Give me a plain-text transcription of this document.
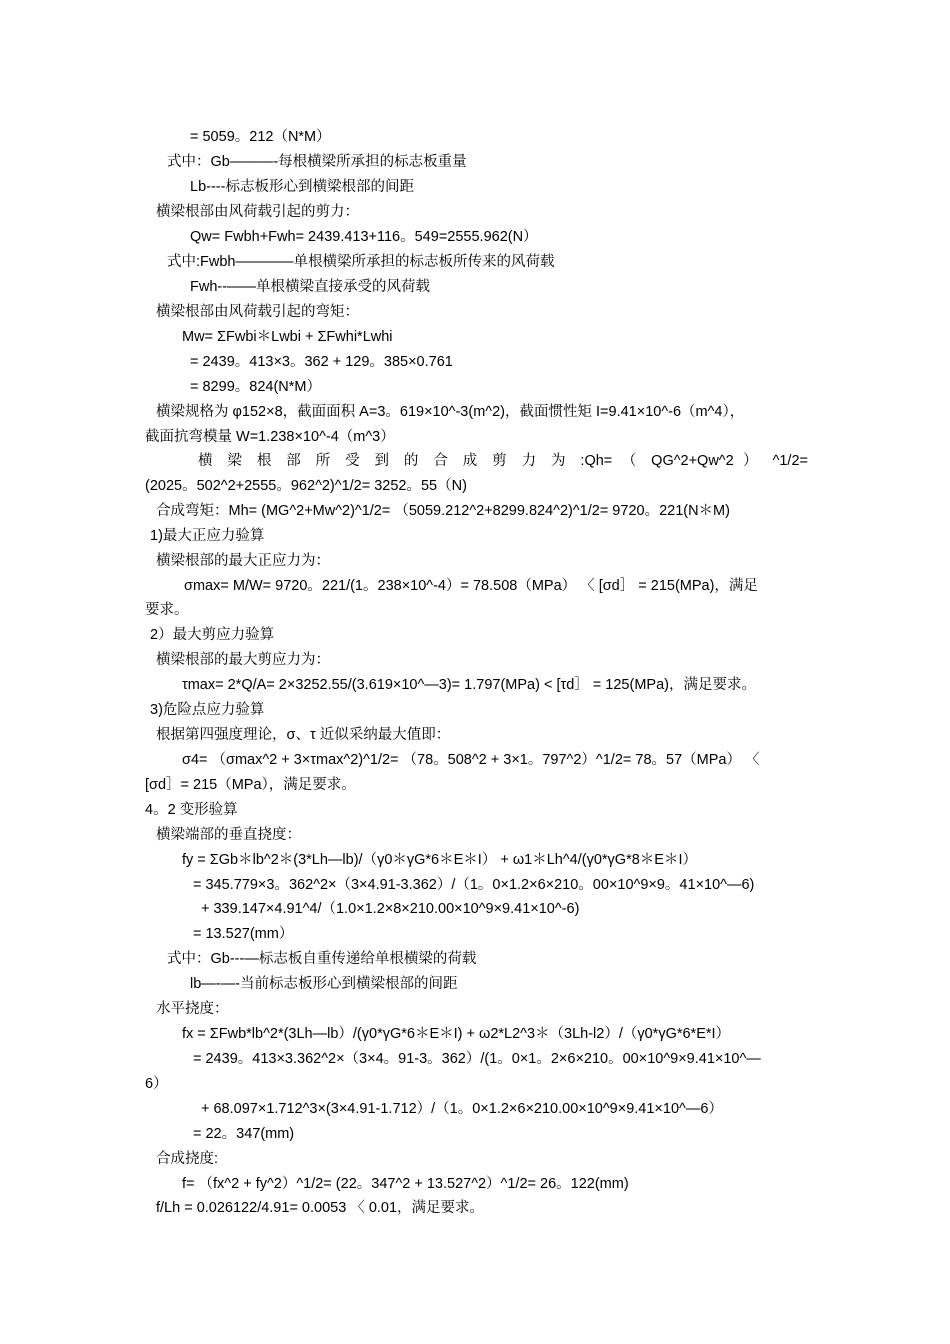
= 5059。212（N*M）
式中：Gb———-每根横梁所承担的标志板重量
Lb----标志板形心到横梁根部的间距
横梁根部由风荷载引起的剪力：
Qw= Fwbh+Fwh= 2439.413+116。549=2555.962(N）
式中:Fwbh————单根横梁所承担的标志板所传来的风荷载
Fwh--——单根横梁直接承受的风荷载
横梁根部由风荷载引起的弯矩：
Mw= ΣFwbi＊Lwbi + ΣFwhi*Lwhi
= 2439。413×3。362 + 129。385×0.761
= 8299。824(N*M）
横梁规格为 φ152×8，截面面积 A=3。619×10^-3(m^2)，截面惯性矩 I=9.41×10^-6（m^4），
截面抗弯模量 W=1.238×10^-4（m^3）
横 梁 根 部 所 受 到 的 合 成 剪 力 为 :Qh= （ QG^2+Qw^2 ） ^1/2=
(2025。502^2+2555。962^2)^1/2= 3252。55（N)
合成弯矩：Mh= (MG^2+Mw^2)^1/2= （5059.212^2+8299.824^2)^1/2= 9720。221(N＊M)
1)最大正应力验算
横梁根部的最大正应力为：
σmax= M/W= 9720。221/(1。238×10^-4）= 78.508（MPa） 〈 [σd］ = 215(MPa)，满足
要求。
2）最大剪应力验算
横梁根部的最大剪应力为：
τmax= 2*Q/A= 2×3252.55/(3.619×10^—3)= 1.797(MPa) < [τd］ = 125(MPa)，满足要求。
3)危险点应力验算
根据第四强度理论，σ、τ 近似采纳最大值即：
σ4= （σmax^2 + 3×τmax^2)^1/2= （78。508^2 + 3×1。797^2）^1/2= 78。57（MPa） 〈
[σd］= 215（MPa），满足要求。
4。2 变形验算
横梁端部的垂直挠度：
fy = ΣGb＊lb^2＊(3*Lh—lb)/（γ0＊γG*6＊E＊I） + ω1＊Lh^4/(γ0*γG*8＊E＊I）
= 345.779×3。362^2×（3×4.91-3.362）/（1。0×1.2×6×210。00×10^9×9。41×10^—6)
+ 339.147×4.91^4/（1.0×1.2×8×210.00×10^9×9.41×10^-6)
= 13.527(mm）
式中：Gb---—标志板自重传递给单根横梁的荷载
lb—-—-当前标志板形心到横梁根部的间距
水平挠度：
fx = ΣFwb*lb^2*(3Lh—lb）/(γ0*γG*6＊E＊I) + ω2*L2^3＊（3Lh-l2）/（γ0*γG*6*E*I）
= 2439。413×3.362^2×（3×4。91-3。362）/(1。0×1。2×6×210。00×10^9×9.41×10^—
6）
+ 68.097×1.712^3×(3×4.91-1.712）/（1。0×1.2×6×210.00×10^9×9.41×10^—6）
= 22。347(mm)
合成挠度:
f= （fx^2 + fy^2）^1/2= (22。347^2 + 13.527^2）^1/2= 26。122(mm)
f/Lh = 0.026122/4.91= 0.0053 〈 0.01，满足要求。
